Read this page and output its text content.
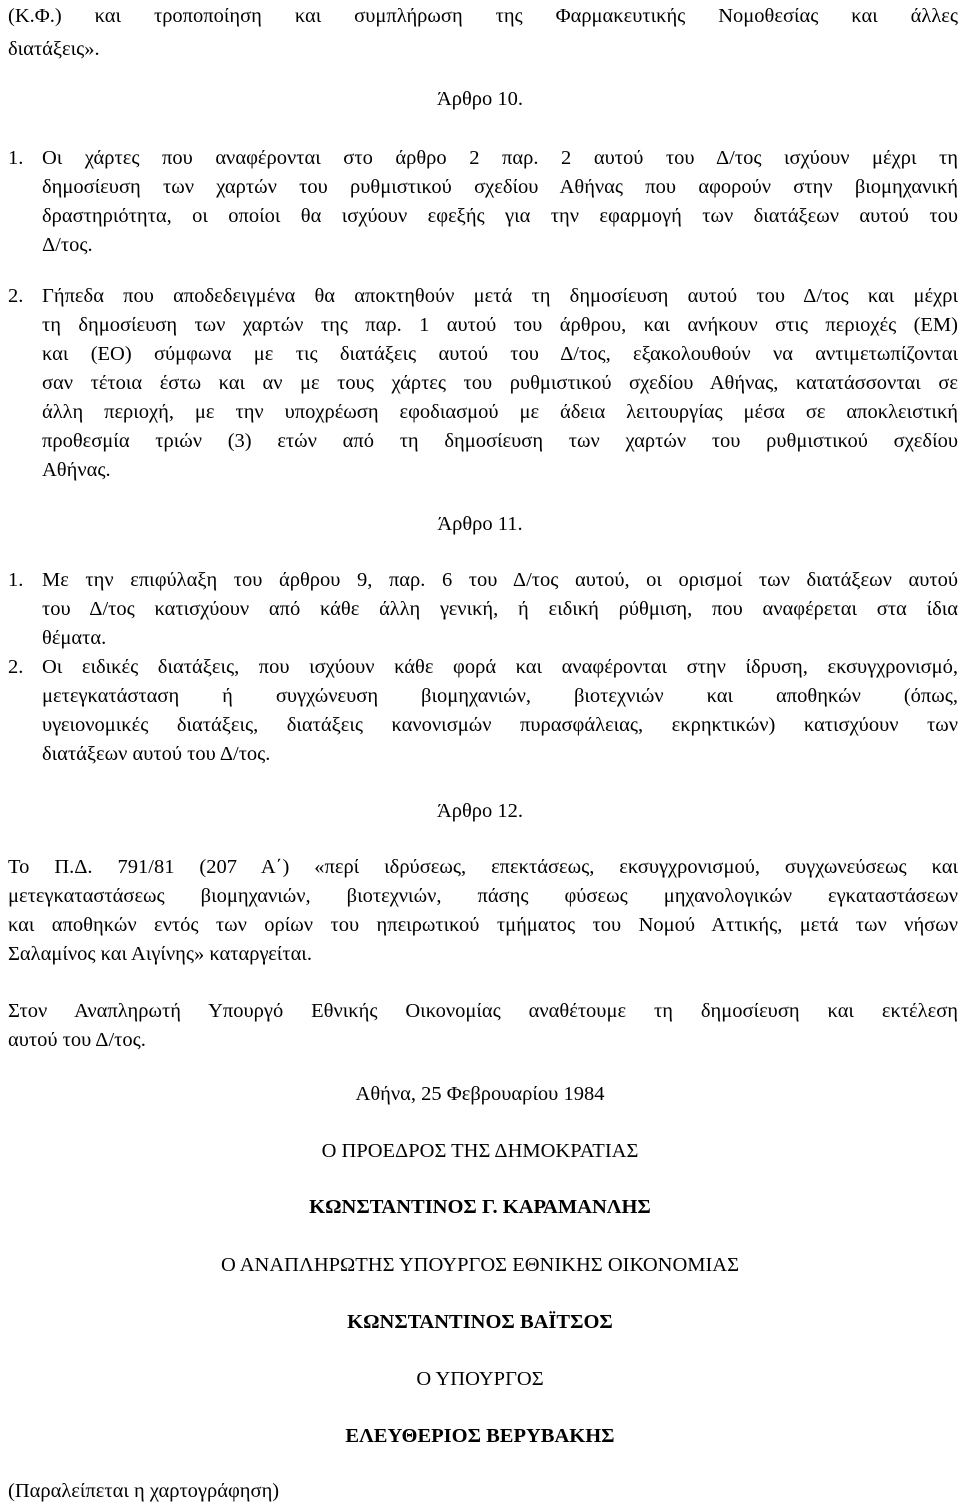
(Κ.Φ.) και τροποποίηση και συμπλήρωση της Φαρμακευτικής Νομοθεσίας και άλλες
διατάξεις».
Άρθρο 10.
1. Οι χάρτες που αναφέρονται στο άρθρο 2 παρ. 2 αυτού του Δ/τος ισχύουν μέχρι τη
δημοσίευση των χαρτών του ρυθμιστικού σχεδίου Αθήνας που αφορούν στην βιομηχανική
δραστηριότητα, οι οποίοι θα ισχύουν εφεξής για την εφαρμογή των διατάξεων αυτού του
Δ/τος.
2. Γήπεδα που αποδεδειγμένα θα αποκτηθούν μετά τη δημοσίευση αυτού του Δ/τος και μέχρι
τη δημοσίευση των χαρτών της παρ. 1 αυτού του άρθρου, και ανήκουν στις περιοχές (ΕΜ)
και (ΕΟ) σύμφωνα με τις διατάξεις αυτού του Δ/τος, εξακολουθούν να αντιμετωπίζονται
σαν τέτοια έστω και αν με τους χάρτες του ρυθμιστικού σχεδίου Αθήνας, κατατάσσονται σε
άλλη περιοχή, με την υποχρέωση εφοδιασμού με άδεια λειτουργίας μέσα σε αποκλειστική
προθεσμία τριών (3) ετών από τη δημοσίευση των χαρτών του ρυθμιστικού σχεδίου
Αθήνας.
Άρθρο 11.
1. Με την επιφύλαξη του άρθρου 9, παρ. 6 του Δ/τος αυτού, οι ορισμοί των διατάξεων αυτού
του Δ/τος κατισχύουν από κάθε άλλη γενική, ή ειδική ρύθμιση, που αναφέρεται στα ίδια
θέματα.
2. Οι ειδικές διατάξεις, που ισχύουν κάθε φορά και αναφέρονται στην ίδρυση, εκσυγχρονισμό,
μετεγκατάσταση ή συγχώνευση βιομηχανιών, βιοτεχνιών και αποθηκών (όπως,
υγειονομικές διατάξεις, διατάξεις κανονισμών πυρασφάλειας, εκρηκτικών) κατισχύουν των
διατάξεων αυτού του Δ/τος.
Άρθρο 12.
Το Π.Δ. 791/81 (207 Α΄) «περί ιδρύσεως, επεκτάσεως, εκσυγχρονισμού, συγχωνεύσεως και
μετεγκαταστάσεως βιομηχανιών, βιοτεχνιών, πάσης φύσεως μηχανολογικών εγκαταστάσεων
και αποθηκών εντός των ορίων του ηπειρωτικού τμήματος του Νομού Αττικής, μετά των νήσων
Σαλαμίνος και Αιγίνης» καταργείται.
Στον Αναπληρωτή Υπουργό Εθνικής Οικονομίας αναθέτουμε τη δημοσίευση και εκτέλεση
αυτού του Δ/τος.
Αθήνα, 25 Φεβρουαρίου 1984
Ο ΠΡΟΕΔΡΟΣ ΤΗΣ ΔΗΜΟΚΡΑΤΙΑΣ
ΚΩΝΣΤΑΝΤΙΝΟΣ Γ. ΚΑΡΑΜΑΝΛΗΣ
Ο ΑΝΑΠΛΗΡΩΤΗΣ ΥΠΟΥΡΓΟΣ ΕΘΝΙΚΗΣ ΟΙΚΟΝΟΜΙΑΣ
ΚΩΝΣΤΑΝΤΙΝΟΣ ΒΑΪΤΣΟΣ
Ο ΥΠΟΥΡΓΟΣ
ΕΛΕΥΘΕΡΙΟΣ ΒΕΡΥΒΑΚΗΣ
(Παραλείπεται η χαρτογράφηση)
